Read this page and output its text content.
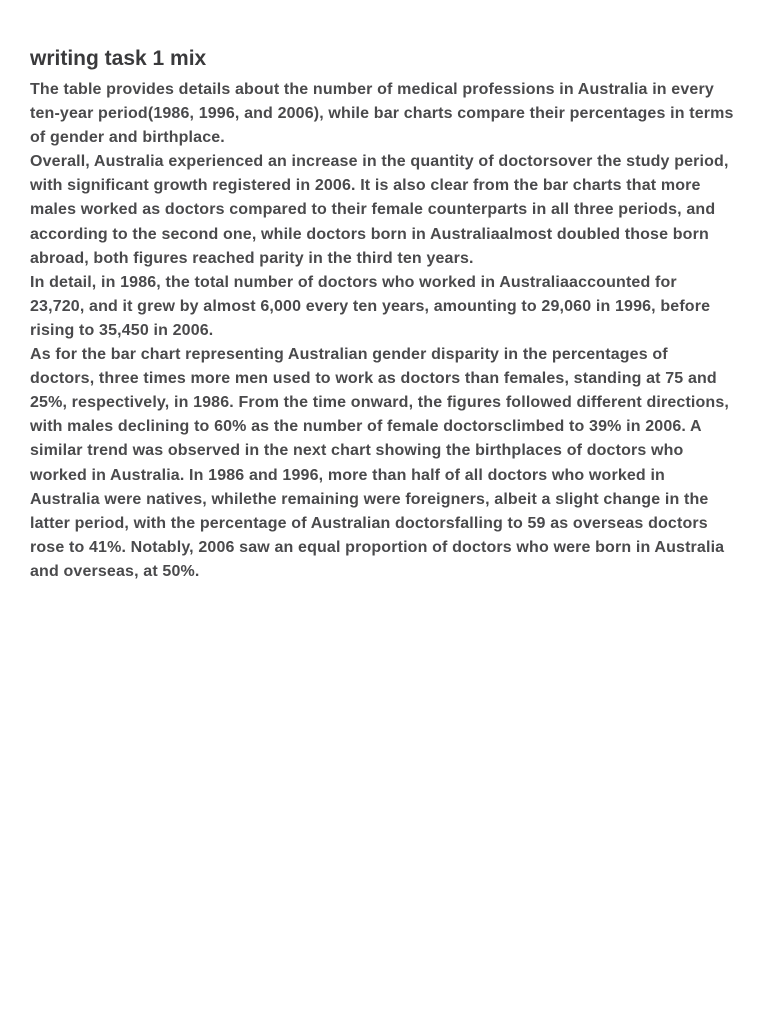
writing task 1 mix

The table provides details about the number of medical professions in Australia in every ten-year period(1986, 1996, and 2006), while bar charts compare their percentages in terms of gender and birthplace.

Overall, Australia experienced an increase in the quantity of doctorsover the study period, with significant growth registered in 2006. It is also clear from the bar charts that more males worked as doctors compared to their female counterparts in all three periods, and according to the second one, while doctors born in Australiaalmost doubled those born abroad, both figures reached parity in the third ten years.

In detail, in 1986, the total number of doctors who worked in Australiaaccounted for 23,720, and it grew by almost 6,000 every ten years, amounting to 29,060 in 1996, before rising to 35,450 in 2006.

As for the bar chart representing Australian gender disparity in the percentages of doctors, three times more men used to work as doctors than females, standing at 75 and 25%, respectively, in 1986. From the time onward, the figures followed different directions, with males declining to 60% as the number of female doctorsclimbed to 39% in 2006. A similar trend was observed in the next chart showing the birthplaces of doctors who worked in Australia. In 1986 and 1996, more than half of all doctors who worked in Australia were natives, whilethe remaining were foreigners, albeit a slight change in the latter period, with the percentage of Australian doctorsfalling to 59 as overseas doctors rose to 41%. Notably, 2006 saw an equal proportion of doctors who were born in Australia and overseas, at 50%.
